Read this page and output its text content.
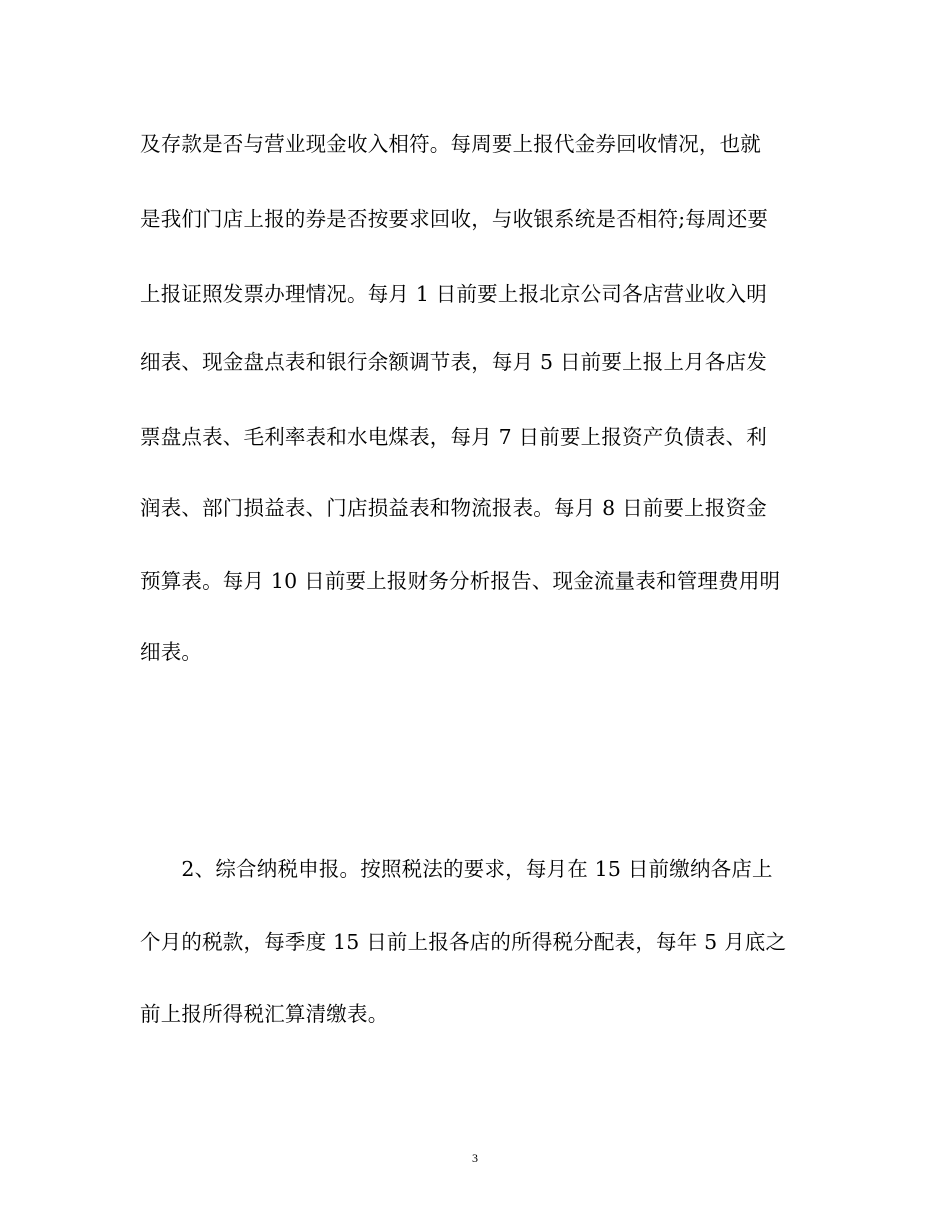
及存款是否与营业现金收入相符。每周要上报代金券回收情况，也就
是我们门店上报的券是否按要求回收，与收银系统是否相符;每周还要
上报证照发票办理情况。每月 1 日前要上报北京公司各店营业收入明
细表、现金盘点表和银行余额调节表，每月 5 日前要上报上月各店发
票盘点表、毛利率表和水电煤表，每月 7 日前要上报资产负债表、利
润表、部门损益表、门店损益表和物流报表。每月 8 日前要上报资金
预算表。每月 10 日前要上报财务分析报告、现金流量表和管理费用明
细表。
　　2、综合纳税申报。按照税法的要求，每月在 15 日前缴纳各店上
个月的税款，每季度 15 日前上报各店的所得税分配表，每年 5 月底之
前上报所得税汇算清缴表。
3
